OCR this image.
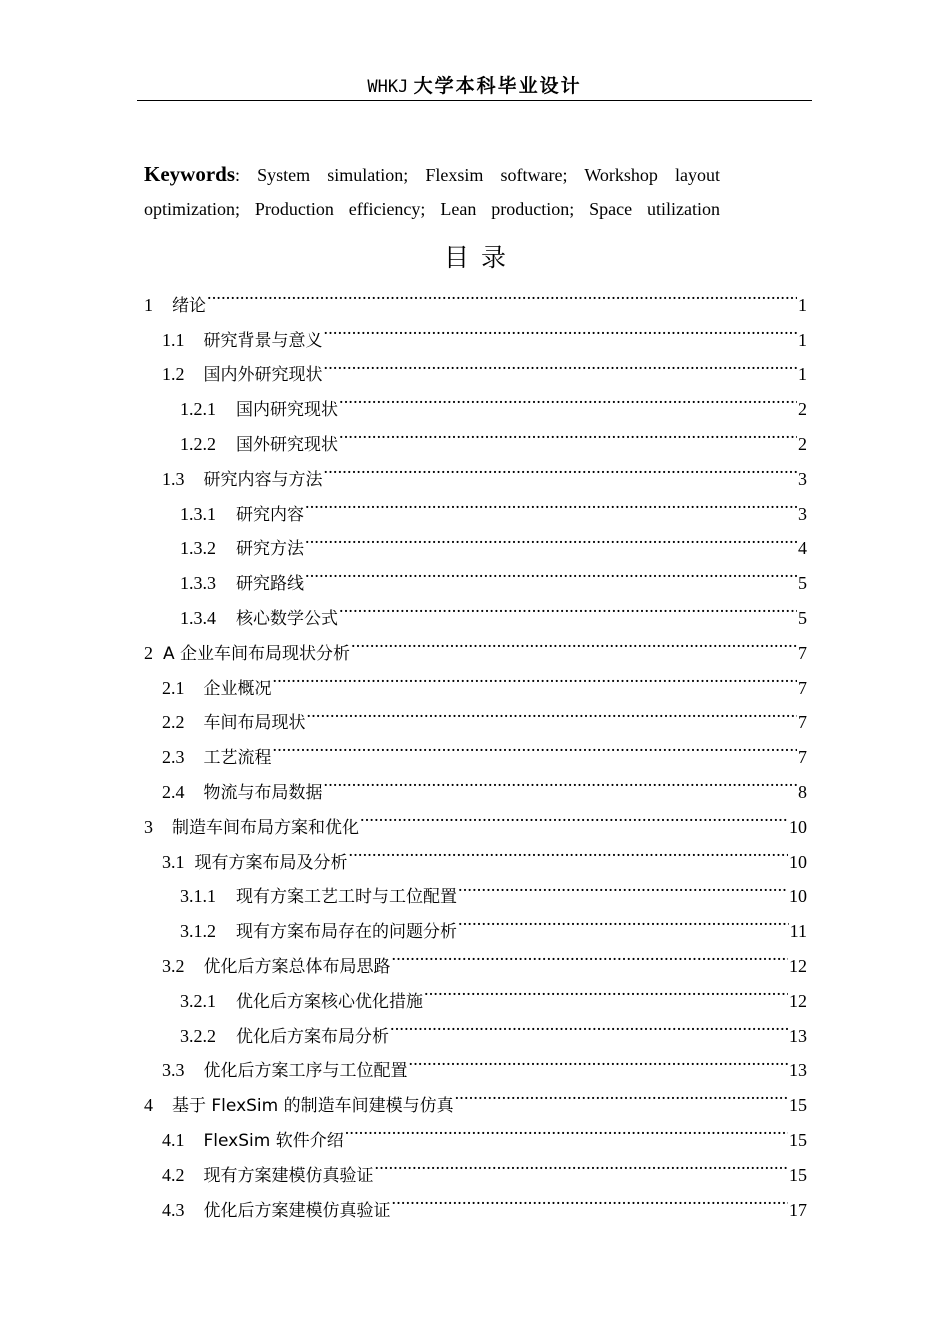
WHKJ 大学本科毕业设计
Keywords: System simulation; Flexsim software; Workshop layout
optimization; Production efficiency; Lean production; Space utilization
目录
1 绪论 .....	1
1.1 研究背景与意义 .....	1
1.2 国内外研究现状 .....	1
1.2.1 国内研究现状 .....	2
1.2.2 国外研究现状 .....	2
1.3 研究内容与方法 .....	3
1.3.1 研究内容 .....	3
1.3.2 研究方法 .....	4
1.3.3 研究路线 .....	5
1.3.4 核心数学公式 .....	5
2 A 企业车间布局现状分析 .....	7
2.1 企业概况 .....	7
2.2 车间布局现状 .....	7
2.3 工艺流程 .....	7
2.4 物流与布局数据 .....	8
3 制造车间布局方案和优化 .....	10
3.1 现有方案布局及分析 .....	10
3.1.1 现有方案工艺工时与工位配置 .....	10
3.1.2 现有方案布局存在的问题分析 .....	11
3.2 优化后方案总体布局思路 .....	12
3.2.1 优化后方案核心优化措施 .....	12
3.2.2 优化后方案布局分析 .....	13
3.3 优化后方案工序与工位配置 .....	13
4 基于 FlexSim 的制造车间建模与仿真 .....	15
4.1 FlexSim 软件介绍 .....	15
4.2 现有方案建模仿真验证 .....	15
4.3 优化后方案建模仿真验证 .....	17
